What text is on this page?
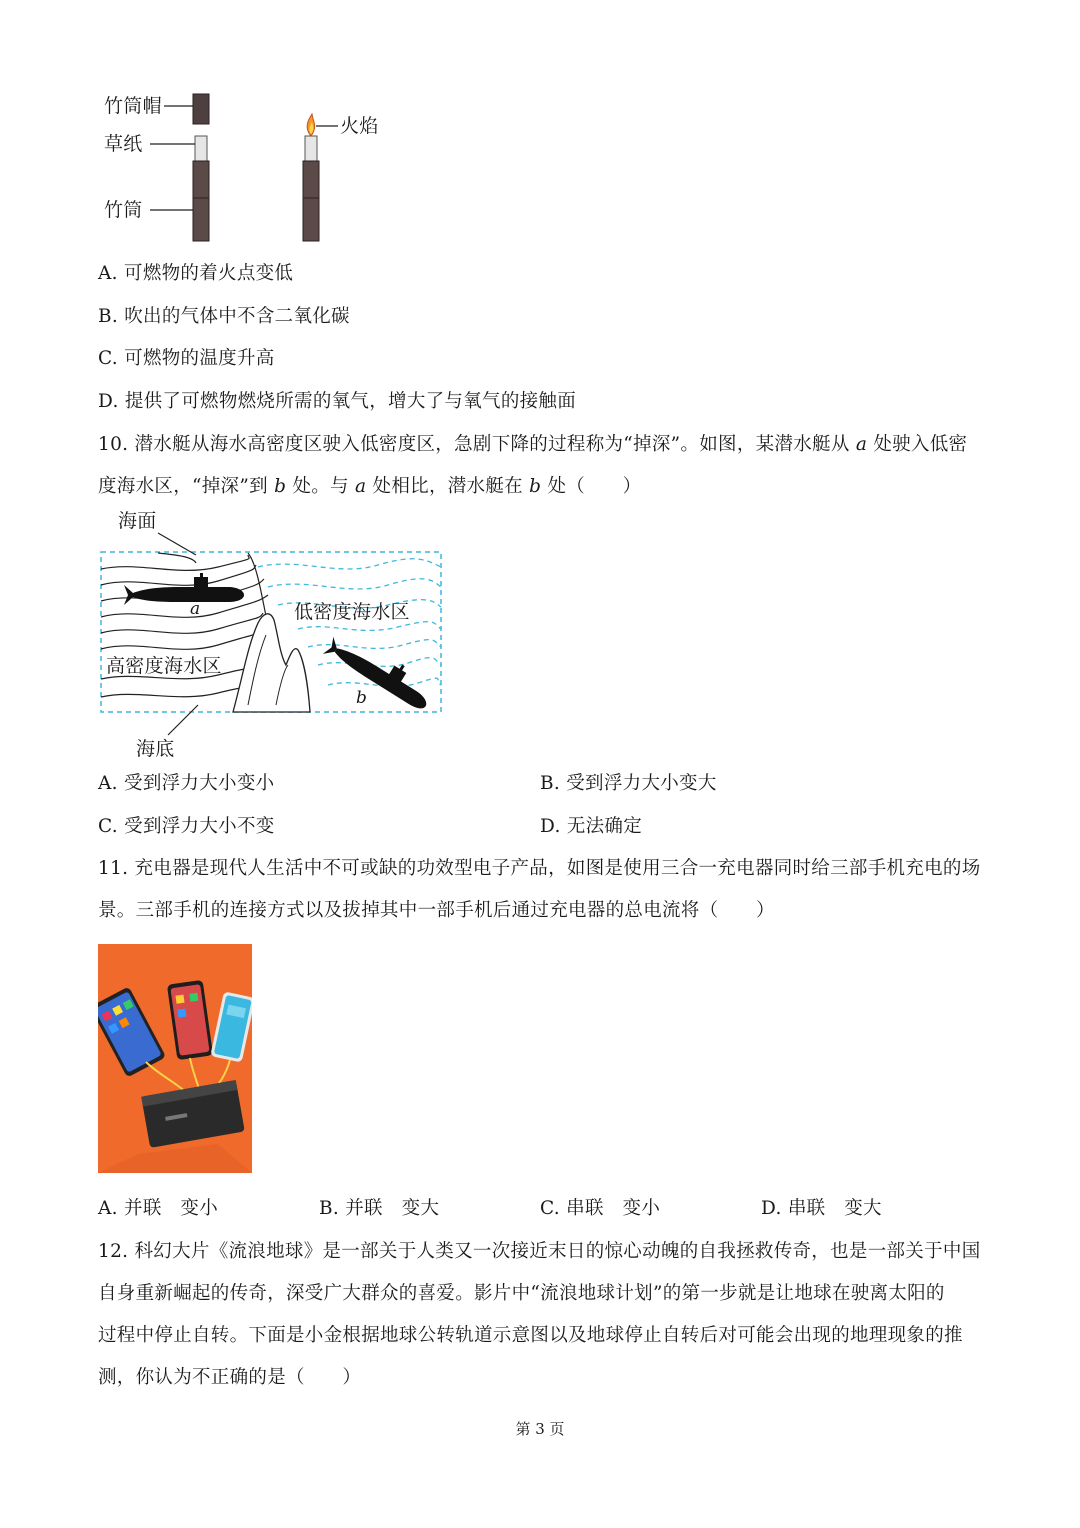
竹筒帽
草纸
竹筒
火焰
A. 可燃物的着火点变低
B. 吹出的气体中不含二氧化碳
C. 可燃物的温度升高
D. 提供了可燃物燃烧所需的氧气，增大了与氧气的接触面
10. 潜水艇从海水高密度区驶入低密度区，急剧下降的过程称为“掉深”。如图，某潜水艇从 a 处驶入低密
度海水区，“掉深”到 b 处。与 a 处相比，潜水艇在 b 处（　　）
海面
低密度海水区
高密度海水区
海底
a
b
A. 受到浮力大小变小	B. 受到浮力大小变大
C. 受到浮力大小不变	D. 无法确定
11. 充电器是现代人生活中不可或缺的功效型电子产品，如图是使用三合一充电器同时给三部手机充电的场
景。三部手机的连接方式以及拔掉其中一部手机后通过充电器的总电流将（　　）
A. 并联　变小	B. 并联　变大	C. 串联　变小	D. 串联　变大
12. 科幻大片《流浪地球》是一部关于人类又一次接近末日的惊心动魄的自我拯救传奇，也是一部关于中国
自身重新崛起的传奇，深受广大群众的喜爱。影片中“流浪地球计划”的第一步就是让地球在驶离太阳的
过程中停止自转。下面是小金根据地球公转轨道示意图以及地球停止自转后对可能会出现的地理现象的推
测，你认为不正确的是（　　）
第 3 页
